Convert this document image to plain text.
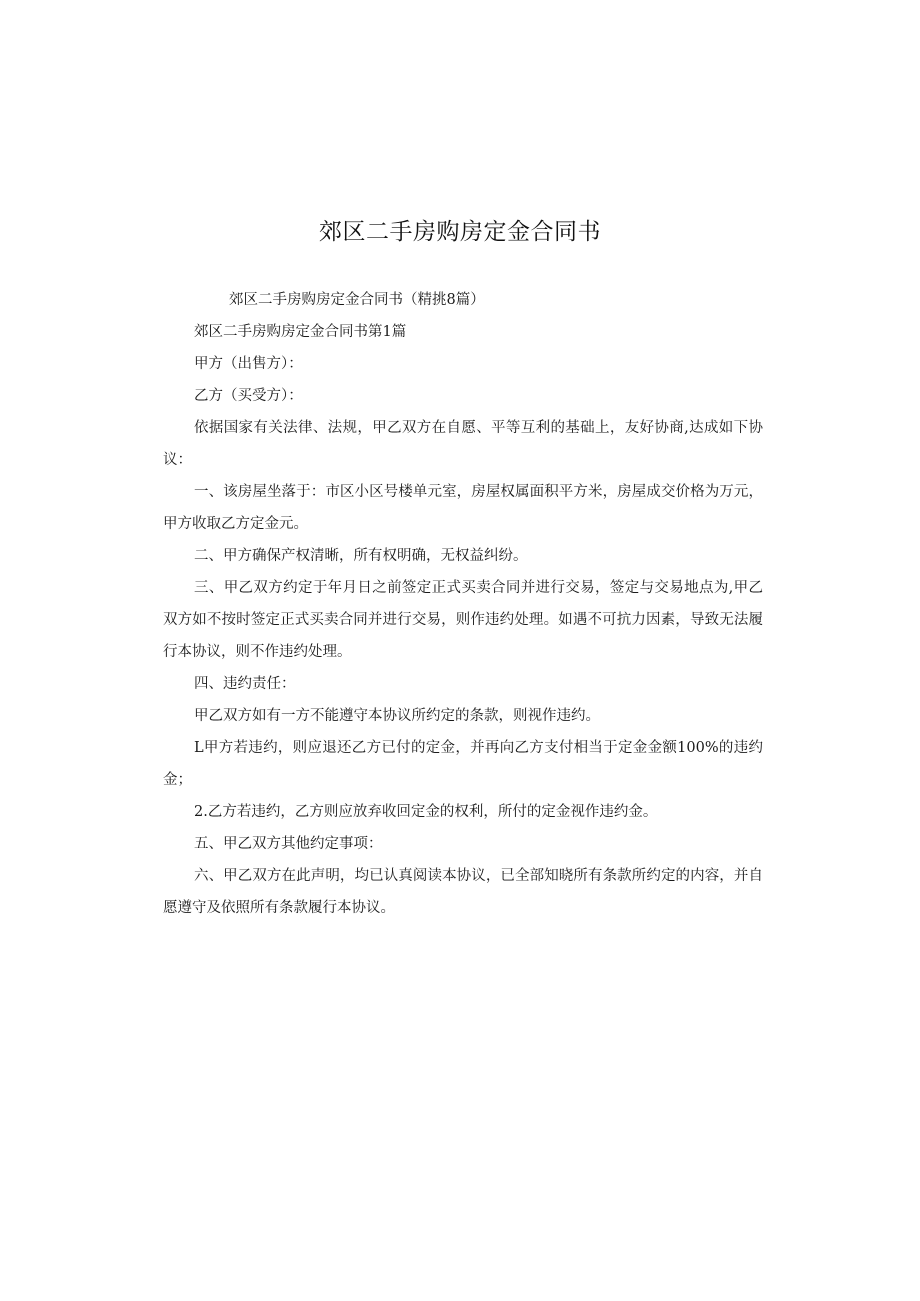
郊区二手房购房定金合同书

郊区二手房购房定金合同书（精挑8篇）

郊区二手房购房定金合同书第1篇

甲方（出售方）：

乙方（买受方）：

依据国家有关法律、法规，甲乙双方在自愿、平等互利的基础上，友好协商,达成如下协议：

一、该房屋坐落于：市区小区号楼单元室，房屋权属面积平方米，房屋成交价格为万元，甲方收取乙方定金元。

二、甲方确保产权清晰，所有权明确，无权益纠纷。

三、甲乙双方约定于年月日之前签定正式买卖合同并进行交易，签定与交易地点为,甲乙双方如不按时签定正式买卖合同并进行交易，则作违约处理。如遇不可抗力因素，导致无法履行本协议，则不作违约处理。

四、违约责任：

甲乙双方如有一方不能遵守本协议所约定的条款，则视作违约。

L甲方若违约，则应退还乙方已付的定金，并再向乙方支付相当于定金金额100%的违约金；

2.乙方若违约，乙方则应放弃收回定金的权利，所付的定金视作违约金。

五、甲乙双方其他约定事项：

六、甲乙双方在此声明，均已认真阅读本协议，已全部知晓所有条款所约定的内容，并自愿遵守及依照所有条款履行本协议。
